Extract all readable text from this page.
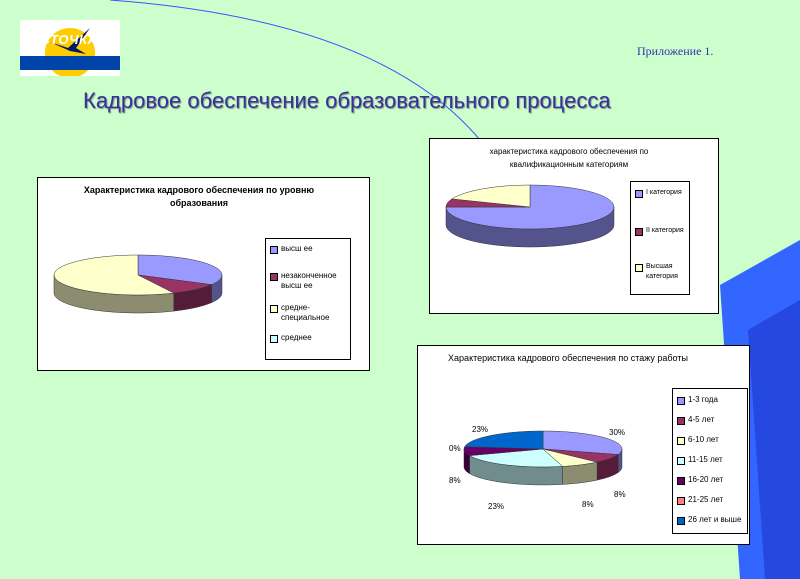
ЛАСТОЧКА
Приложение 1.
Кадровое обеспечение образовательного процесса
Характеристика кадрового обеспечения по уровню образования
высш ее
незаконченное высш ее
средне-специальное
среднее
характеристика кадрового обеспечения по квалификационным категориям
I категория
II категория
Высшая категория
Характеристика кадрового обеспечения по стажу работы
1-3 года
4-5 лет
6-10 лет
11-15 лет
16-20 лет
21-25 лет
26 лет и выше
30%
8%
8%
23%
8%
0%
23%
